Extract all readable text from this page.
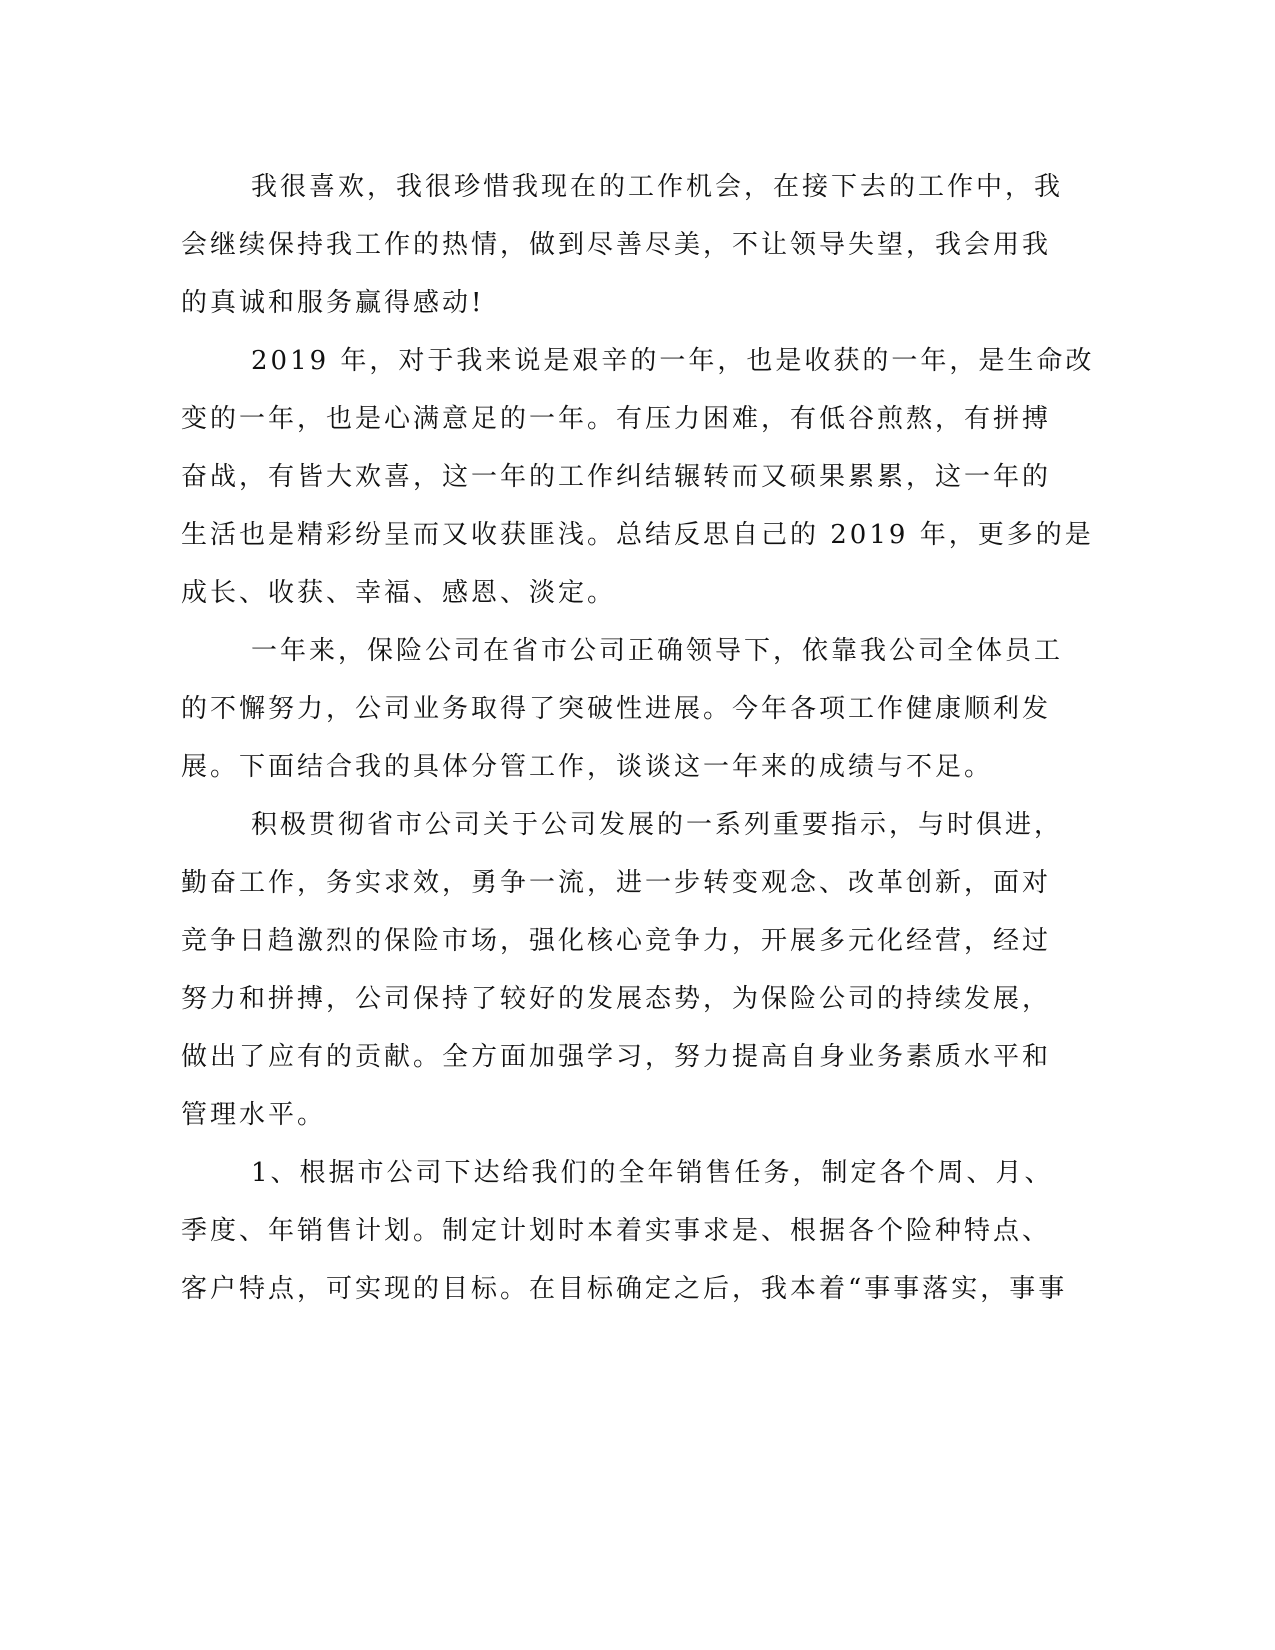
我很喜欢，我很珍惜我现在的工作机会，在接下去的工作中，我
会继续保持我工作的热情，做到尽善尽美，不让领导失望，我会用我
的真诚和服务赢得感动!
2019 年，对于我来说是艰辛的一年，也是收获的一年，是生命改
变的一年，也是心满意足的一年。有压力困难，有低谷煎熬，有拼搏
奋战，有皆大欢喜，这一年的工作纠结辗转而又硕果累累，这一年的
生活也是精彩纷呈而又收获匪浅。总结反思自己的 2019 年，更多的是
成长、收获、幸福、感恩、淡定。
一年来，保险公司在省市公司正确领导下，依靠我公司全体员工
的不懈努力，公司业务取得了突破性进展。今年各项工作健康顺利发
展。下面结合我的具体分管工作，谈谈这一年来的成绩与不足。
积极贯彻省市公司关于公司发展的一系列重要指示，与时俱进，
勤奋工作，务实求效，勇争一流，进一步转变观念、改革创新，面对
竞争日趋激烈的保险市场，强化核心竞争力，开展多元化经营，经过
努力和拼搏，公司保持了较好的发展态势，为保险公司的持续发展，
做出了应有的贡献。全方面加强学习，努力提高自身业务素质水平和
管理水平。
1、根据市公司下达给我们的全年销售任务，制定各个周、月、
季度、年销售计划。制定计划时本着实事求是、根据各个险种特点、
客户特点，可实现的目标。在目标确定之后，我本着“事事落实，事事
